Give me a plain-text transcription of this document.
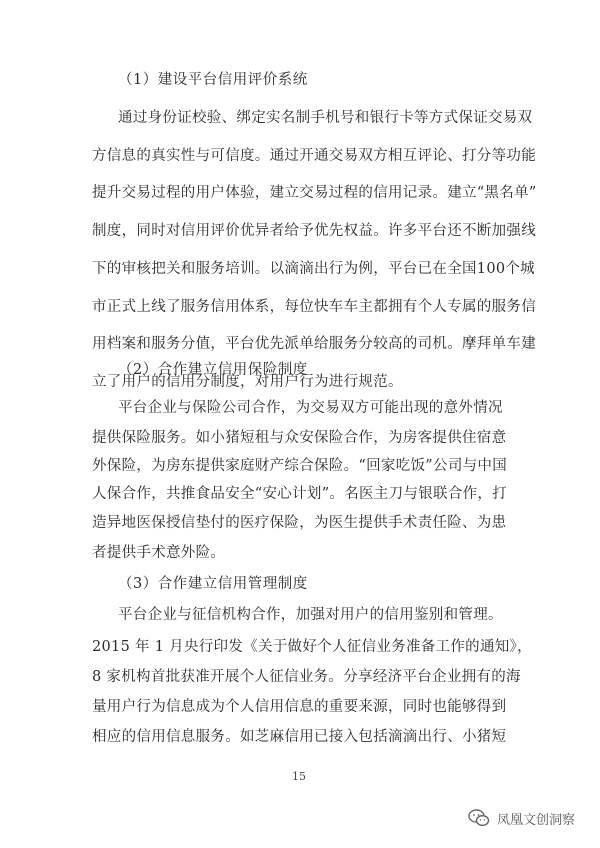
（1）建设平台信用评价系统
通过身份证校验、绑定实名制手机号和银行卡等方式保证交易双
方信息的真实性与可信度。通过开通交易双方相互评论、打分等功能
提升交易过程的用户体验，建立交易过程的信用记录。建立“黑名单”
制度，同时对信用评价优异者给予优先权益。许多平台还不断加强线
下的审核把关和服务培训。以滴滴出行为例，平台已在全国100个城
市正式上线了服务信用体系，每位快车车主都拥有个人专属的服务信
用档案和服务分值，平台优先派单给服务分较高的司机。摩拜单车建
立了用户的信用分制度，对用户行为进行规范。
（2）合作建立信用保险制度
平台企业与保险公司合作，为交易双方可能出现的意外情况
提供保险服务。如小猪短租与众安保险合作，为房客提供住宿意
外保险，为房东提供家庭财产综合保险。“回家吃饭”公司与中国
人保合作，共推食品安全“安心计划”。名医主刀与银联合作，打
造异地医保授信垫付的医疗保险，为医生提供手术责任险、为患
者提供手术意外险。
（3）合作建立信用管理制度
平台企业与征信机构合作，加强对用户的信用鉴别和管理。
2015 年 1 月央行印发《关于做好个人征信业务准备工作的通知》，
8 家机构首批获准开展个人征信业务。分享经济平台企业拥有的海
量用户行为信息成为个人信用信息的重要来源，同时也能够得到
相应的信用信息服务。如芝麻信用已接入包括滴滴出行、小猪短
15
凤凰文创洞察
